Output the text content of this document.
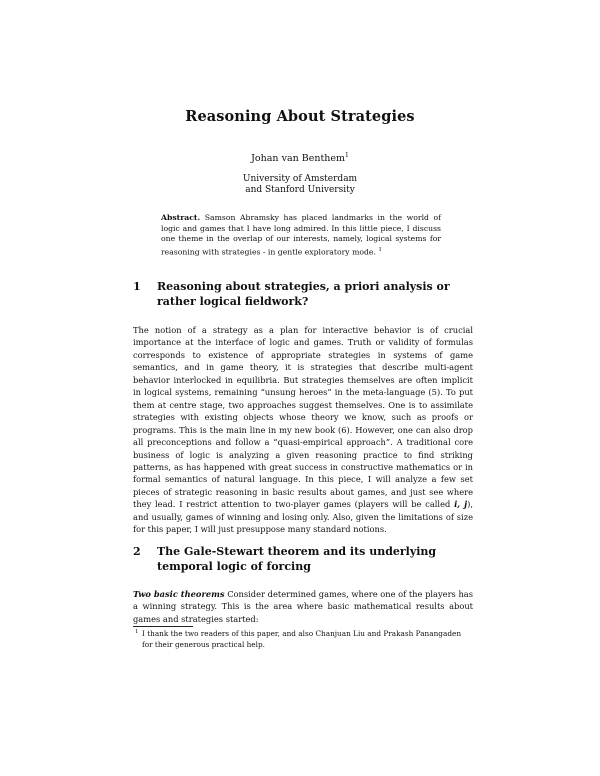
Reasoning About Strategies
Johan van Benthem$^1$
University of Amsterdam
and Stanford University
Abstract. Samson Abramsky has placed landmarks in the world of logic and games that I have long admired. In this little piece, I discuss one theme in the overlap of our interests, namely, logical systems for reasoning with strategies - in gentle exploratory mode. $^1$
1 Reasoning about strategies, a priori analysis or rather logical fieldwork?

The notion of a strategy as a plan for interactive behavior is of crucial importance at the interface of logic and games. Truth or validity of formulas corresponds to existence of appropriate strategies in systems of game semantics, and in game theory, it is strategies that describe multi-agent behavior interlocked in equilibria. But strategies themselves are often implicit in logical systems, remaining “unsung heroes” in the meta-language (5). To put them at centre stage, two approaches suggest themselves. One is to assimilate strategies with existing objects whose theory we know, such as proofs or programs. This is the main line in my new book (6). However, one can also drop all preconceptions and follow a “quasi-empirical approach”. A traditional core business of logic is analyzing a given reasoning practice to find striking patterns, as has happened with great success in constructive mathematics or in formal semantics of natural language. In this piece, I will analyze a few set pieces of strategic reasoning in basic results about games, and just see where they lead. I restrict attention to two-player games (players will be called i, j), and usually, games of winning and losing only. Also, given the limitations of size for this paper, I will just presuppose many standard notions.

2 The Gale-Stewart theorem and its underlying temporal logic of forcing

Two basic theorems Consider determined games, where one of the players has a winning strategy. This is the area where basic mathematical results about games and strategies started:

1 I thank the two readers of this paper, and also Chanjuan Liu and Prakash Panangaden for their generous practical help.
